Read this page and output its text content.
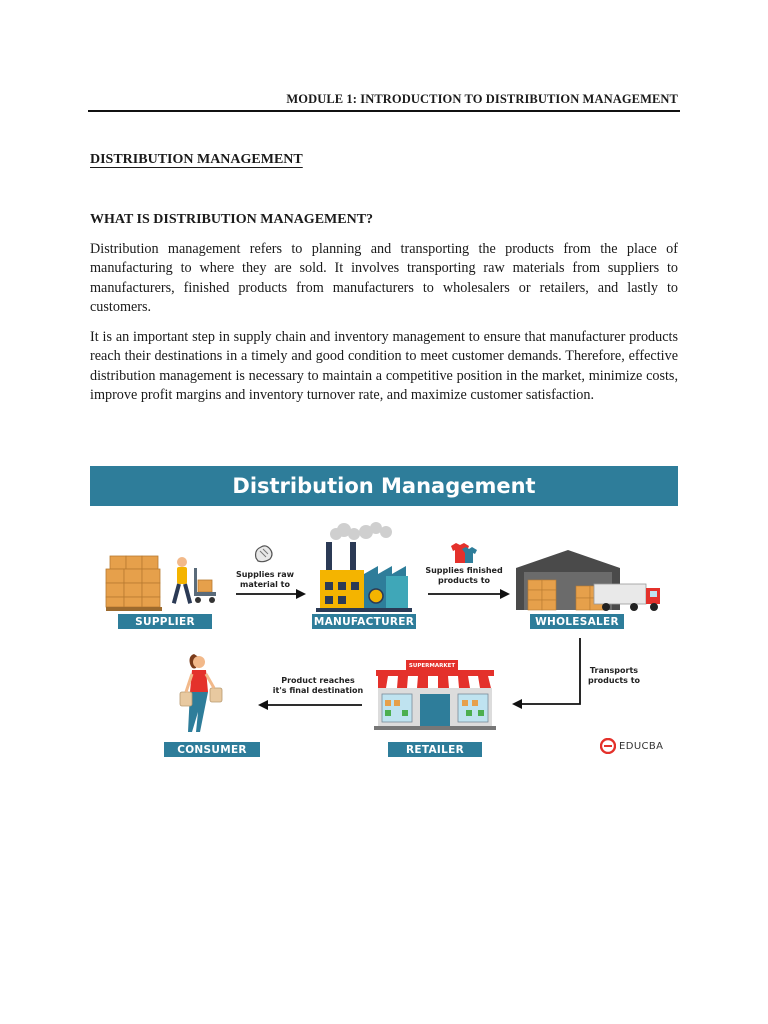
MODULE 1: INTRODUCTION TO DISTRIBUTION MANAGEMENT
DISTRIBUTION MANAGEMENT
WHAT IS DISTRIBUTION MANAGEMENT?

Distribution management refers to planning and transporting the products from the place of manufacturing to where they are sold. It involves transporting raw materials from suppliers to manufacturers, finished products from manufacturers to wholesalers or retailers, and lastly to customers.

It is an important step in supply chain and inventory management to ensure that manufacturer products reach their destinations in a timely and good condition to meet customer demands. Therefore, effective distribution management is necessary to maintain a competitive position in the market, minimize costs, improve profit margins and inventory turnover rate, and maximize customer satisfaction.

Distribution Management
SUPPLIER
Supplies raw
material to
MANUFACTURER
Supplies finished
products to
WHOLESALER
Transports
products to
SUPERMARKET
RETAILER
Product reaches
it's final destination
CONSUMER	EDUCBA
